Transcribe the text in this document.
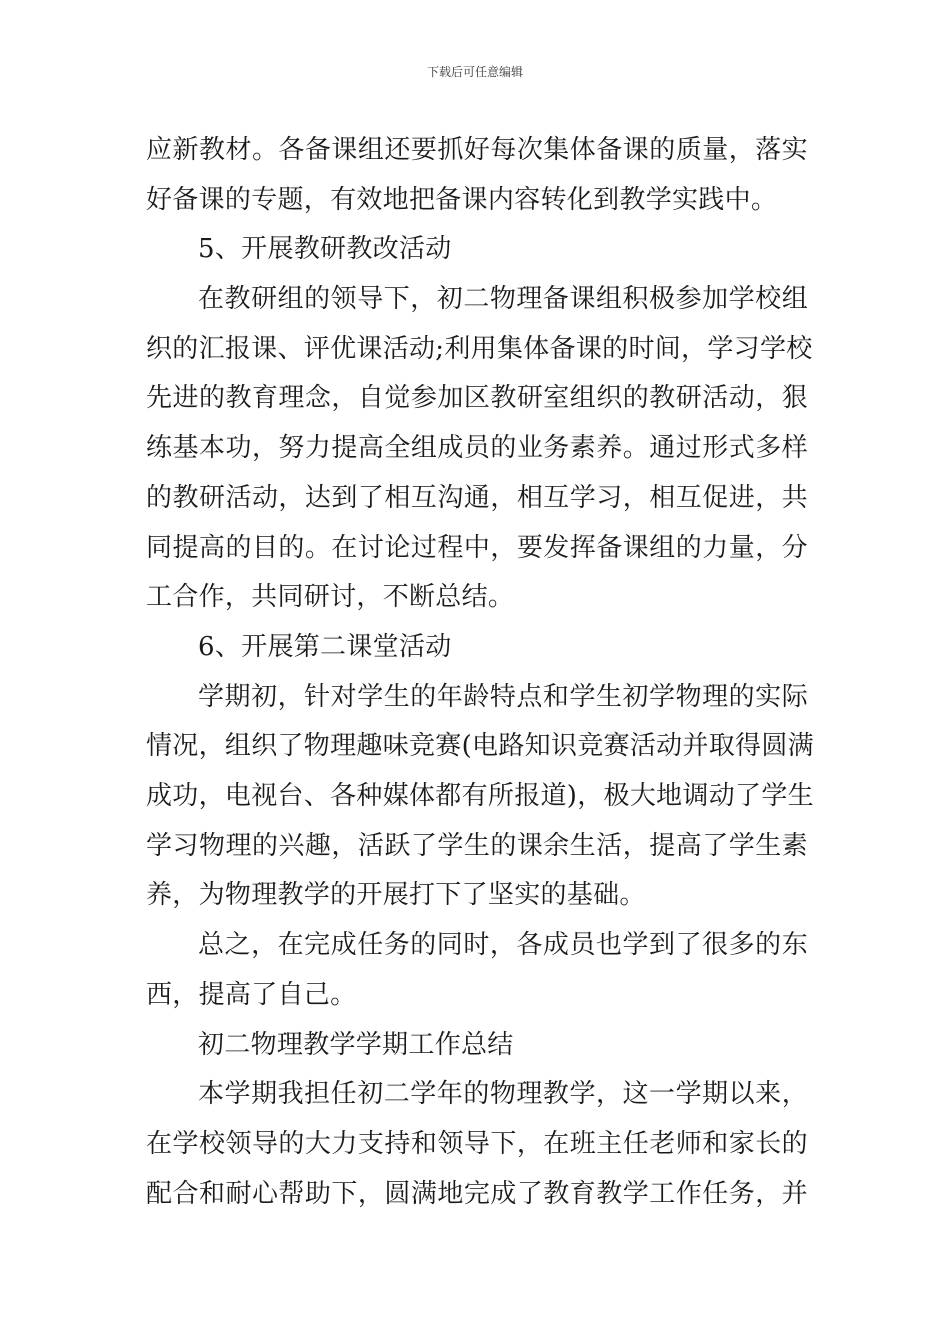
下载后可任意编辑
应新教材。各备课组还要抓好每次集体备课的质量，落实
好备课的专题，有效地把备课内容转化到教学实践中。
5、开展教研教改活动
在教研组的领导下，初二物理备课组积极参加学校组
织的汇报课、评优课活动;利用集体备课的时间，学习学校
先进的教育理念，自觉参加区教研室组织的教研活动，狠
练基本功，努力提高全组成员的业务素养。通过形式多样
的教研活动，达到了相互沟通，相互学习，相互促进，共
同提高的目的。在讨论过程中，要发挥备课组的力量，分
工合作，共同研讨，不断总结。
6、开展第二课堂活动
学期初，针对学生的年龄特点和学生初学物理的实际
情况，组织了物理趣味竞赛(电路知识竞赛活动并取得圆满
成功，电视台、各种媒体都有所报道)，极大地调动了学生
学习物理的兴趣，活跃了学生的课余生活，提高了学生素
养，为物理教学的开展打下了坚实的基础。
总之，在完成任务的同时，各成员也学到了很多的东
西，提高了自己。
初二物理教学学期工作总结
本学期我担任初二学年的物理教学，这一学期以来，
在学校领导的大力支持和领导下，在班主任老师和家长的
配合和耐心帮助下，圆满地完成了教育教学工作任务，并
